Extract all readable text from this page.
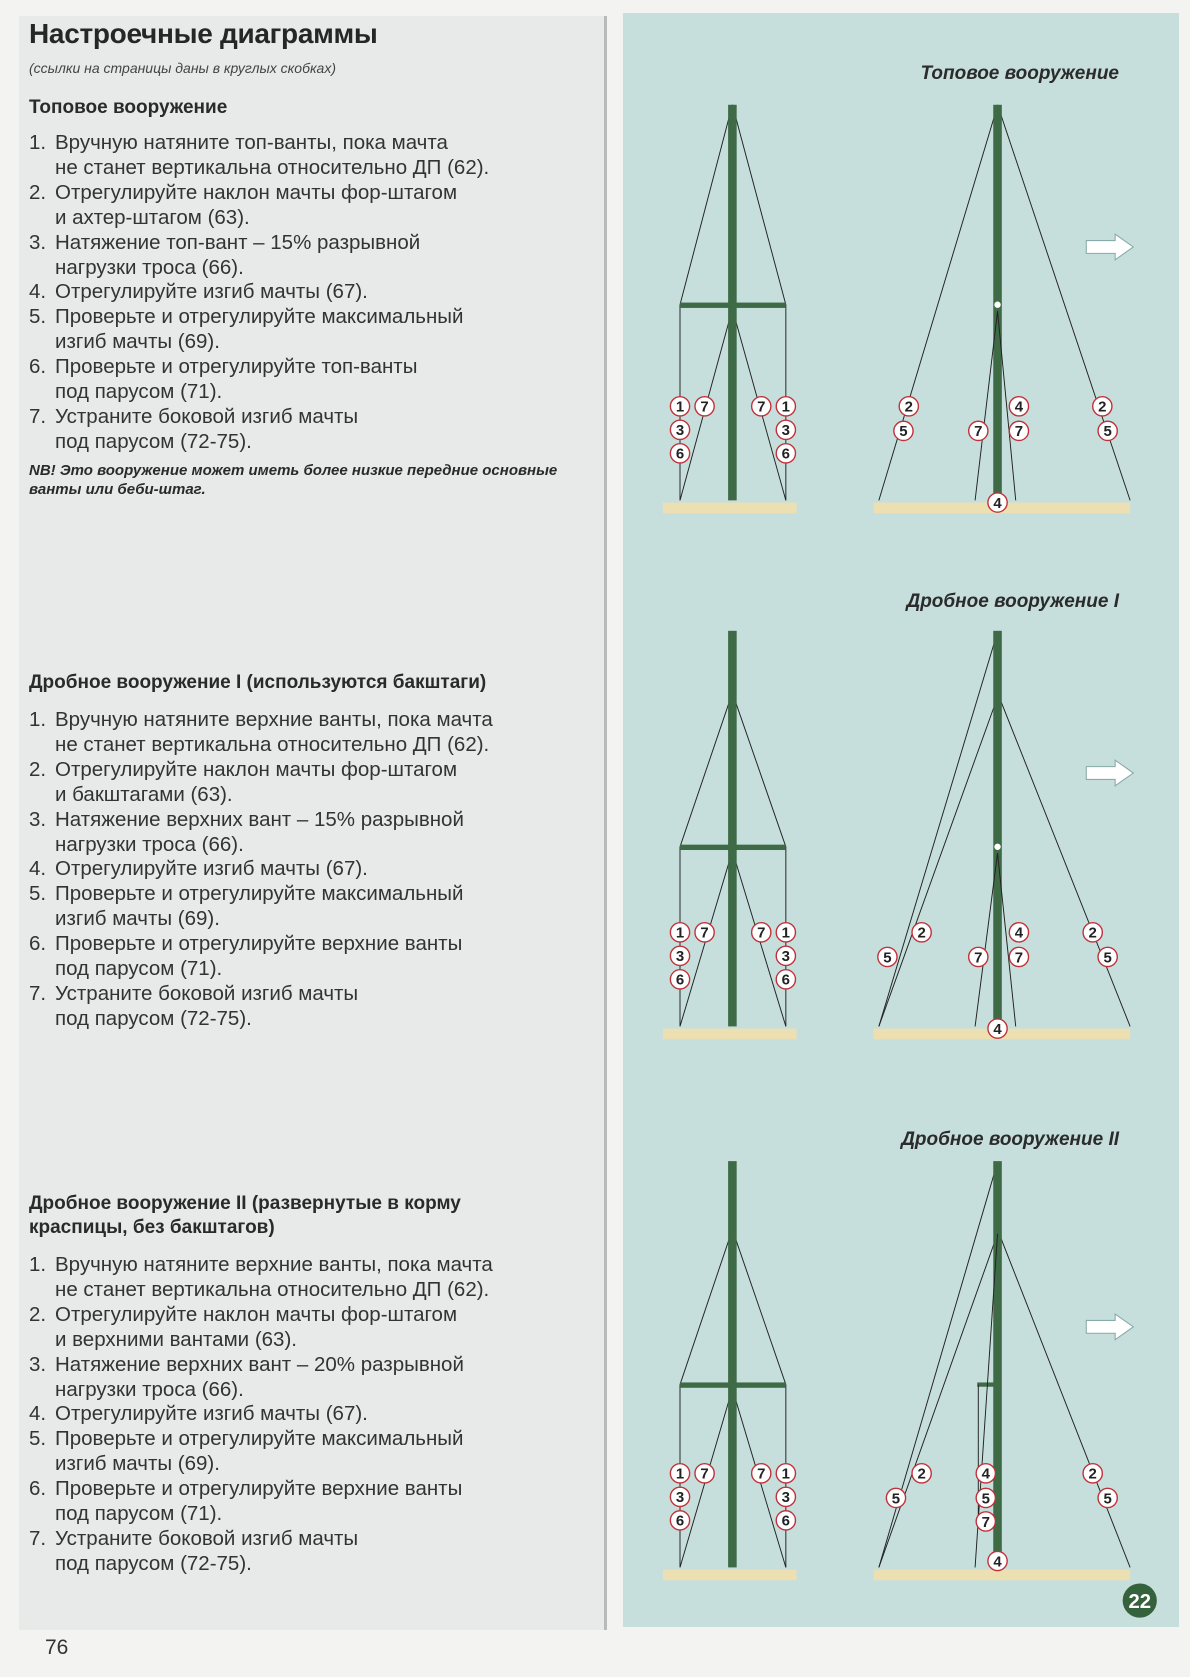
Настроечные диаграммы
(ссылки на страницы даны в круглых скобках)
Топовое вооружение
1. Вручную натяните топ-ванты, пока мачта
не станет вертикальна относительно ДП (62).
2. Отрегулируйте наклон мачты фор-штагом
и ахтер-штагом (63).
3. Натяжение топ-вант – 15% разрывной
нагрузки троса (66).
4. Отрегулируйте изгиб мачты (67).
5. Проверьте и отрегулируйте максимальный
изгиб мачты (69).
6. Проверьте и отрегулируйте топ-ванты
под парусом (71).
7. Устраните боковой изгиб мачты
под парусом (72-75).
NB! Это вооружение может иметь более низкие передние основные ванты или беби-штаг.
Дробное вооружение I (используются бакштаги)
1. Вручную натяните верхние ванты, пока мачта
не станет вертикальна относительно ДП (62).
2. Отрегулируйте наклон мачты фор-штагом
и бакштагами (63).
3. Натяжение верхних вант – 15% разрывной
нагрузки троса (66).
4. Отрегулируйте изгиб мачты (67).
5. Проверьте и отрегулируйте максимальный
изгиб мачты (69).
6. Проверьте и отрегулируйте верхние ванты
под парусом (71).
7. Устраните боковой изгиб мачты
под парусом (72-75).
Дробное вооружение II (развернутые в корму
краспицы, без бакштагов)
1. Вручную натяните верхние ванты, пока мачта
не станет вертикальна относительно ДП (62).
2. Отрегулируйте наклон мачты фор-штагом
и верхними вантами (63).
3. Натяжение верхних вант – 20% разрывной
нагрузки троса (66).
4. Отрегулируйте изгиб мачты (67).
5. Проверьте и отрегулируйте максимальный
изгиб мачты (69).
6. Проверьте и отрегулируйте верхние ванты
под парусом (71).
7. Устраните боковой изгиб мачты
под парусом (72-75).
76
Топовое вооружение
Дробное вооружение I
Дробное вооружение II
1 7
3
6
7 1
3
6
2
5	7
4
7
2
5
4
1 7
3
6
7 1
3
6
2
5	7
4
7
2
5
4
1 7
3
6
7 1
3
6
2
5
4
5
7
2
5
4
22
